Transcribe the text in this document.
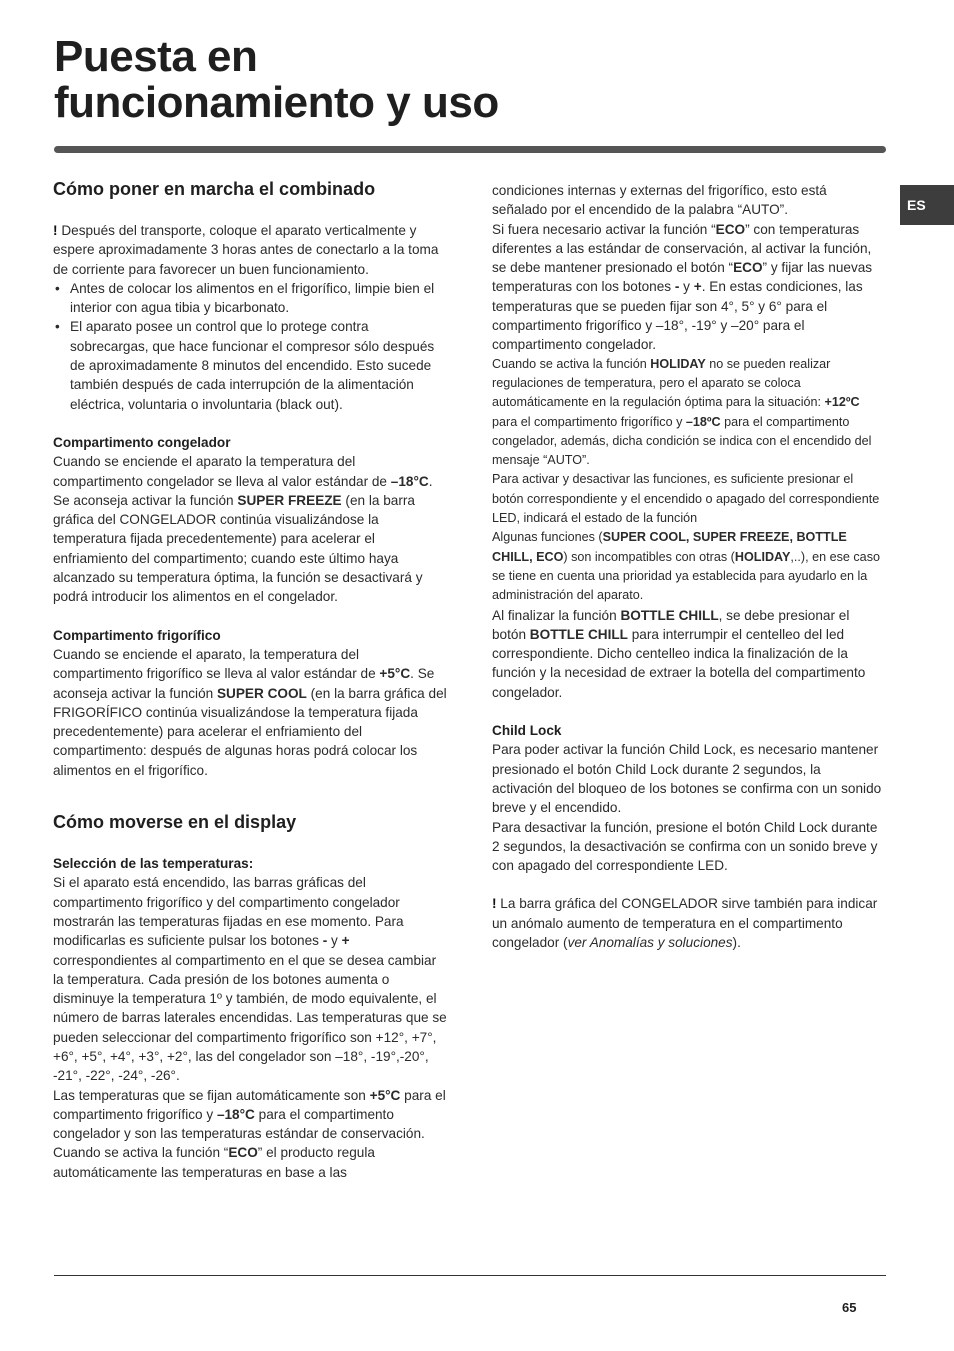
Puesta en
funcionamiento y uso
ES
Cómo poner en marcha el combinado

! Después del transporte, coloque el aparato verticalmente y espere aproximadamente 3 horas antes de conectarlo a la toma de corriente para favorecer un buen funcionamiento.

• Antes de colocar los alimentos en el frigorífico, limpie bien el interior con agua tibia y bicarbonato.
• El aparato posee un control que lo protege contra sobrecargas, que hace funcionar el compresor sólo después de aproximadamente 8 minutos del encendido. Esto sucede también después de cada interrupción de la alimentación eléctrica, voluntaria o involuntaria (black out).

Compartimento congelador

Cuando se enciende el aparato la temperatura del compartimento congelador se lleva al valor estándar de –18°C. Se aconseja activar la función SUPER FREEZE (en la barra gráfica del CONGELADOR continúa visualizándose la temperatura fijada precedentemente) para acelerar el enfriamiento del compartimento; cuando este último haya alcanzado su temperatura óptima, la función se desactivará y podrá introducir los alimentos en el congelador.

Compartimento frigorífico

Cuando se enciende el aparato, la temperatura del compartimento frigorífico se lleva al valor estándar de +5°C. Se aconseja activar la función SUPER COOL (en la barra gráfica del FRIGORÍFICO continúa visualizándose la temperatura fijada precedentemente) para acelerar el enfriamiento del compartimento: después de algunas horas podrá colocar los alimentos en el frigorífico.

Cómo moverse en el display

Selección de las temperaturas:

Si el aparato está encendido, las barras gráficas del compartimento frigorífico y del compartimento congelador mostrarán las temperaturas fijadas en ese momento. Para modificarlas es suficiente pulsar los botones - y + correspondientes al compartimento en el que se desea cambiar la temperatura. Cada presión de los botones aumenta o disminuye la temperatura 1º y también, de modo equivalente, el número de barras laterales encendidas. Las temperaturas que se pueden seleccionar del compartimento frigorífico son +12°, +7°, +6°, +5°, +4°, +3°, +2°, las del congelador son –18°, -19°,-20°, -21°, -22°, -24°, -26°.

Las temperaturas que se fijan automáticamente son +5°C para el compartimento frigorífico y –18°C para el compartimento congelador y son las temperaturas estándar de conservación.

Cuando se activa la función “ECO” el producto regula automáticamente las temperaturas en base a las

condiciones internas y externas del frigorífico, esto está señalado por el encendido de la palabra “AUTO”.

Si fuera necesario activar la función “ECO” con temperaturas diferentes a las estándar de conservación, al activar la función, se debe mantener presionado el botón “ECO” y fijar las nuevas temperaturas con los botones - y +. En estas condiciones, las temperaturas que se pueden fijar son 4°, 5° y 6° para el compartimento frigorífico y –18°, -19° y –20° para el compartimento congelador.

Cuando se activa la función HOLIDAY no se pueden realizar regulaciones de temperatura, pero el aparato se coloca automáticamente en la regulación óptima para la situación: +12ºC para el compartimento frigorífico y –18ºC para el compartimento congelador, además, dicha condición se indica con el encendido del mensaje “AUTO”.

Para activar y desactivar las funciones, es suficiente presionar el botón correspondiente y el encendido o apagado del correspondiente LED, indicará el estado de la función

Algunas funciones (SUPER COOL, SUPER FREEZE, BOTTLE CHILL, ECO) son incompatibles con otras (HOLIDAY,..), en ese caso se tiene en cuenta una prioridad ya establecida para ayudarlo en la administración del aparato.

Al finalizar la función BOTTLE CHILL, se debe presionar el botón BOTTLE CHILL para interrumpir el centelleo del led correspondiente. Dicho centelleo indica la finalización de la función y la necesidad de extraer la botella del compartimento congelador.

Child Lock

Para poder activar la función Child Lock, es necesario mantener presionado el botón Child Lock durante 2 segundos, la activación del bloqueo de los botones se confirma con un sonido breve y el encendido.

Para desactivar la función, presione el botón Child Lock durante 2 segundos, la desactivación se confirma con un sonido breve y con apagado del correspondiente LED.

! La barra gráfica del CONGELADOR sirve también para indicar un anómalo aumento de temperatura en el compartimento congelador (ver Anomalías y soluciones).

65
